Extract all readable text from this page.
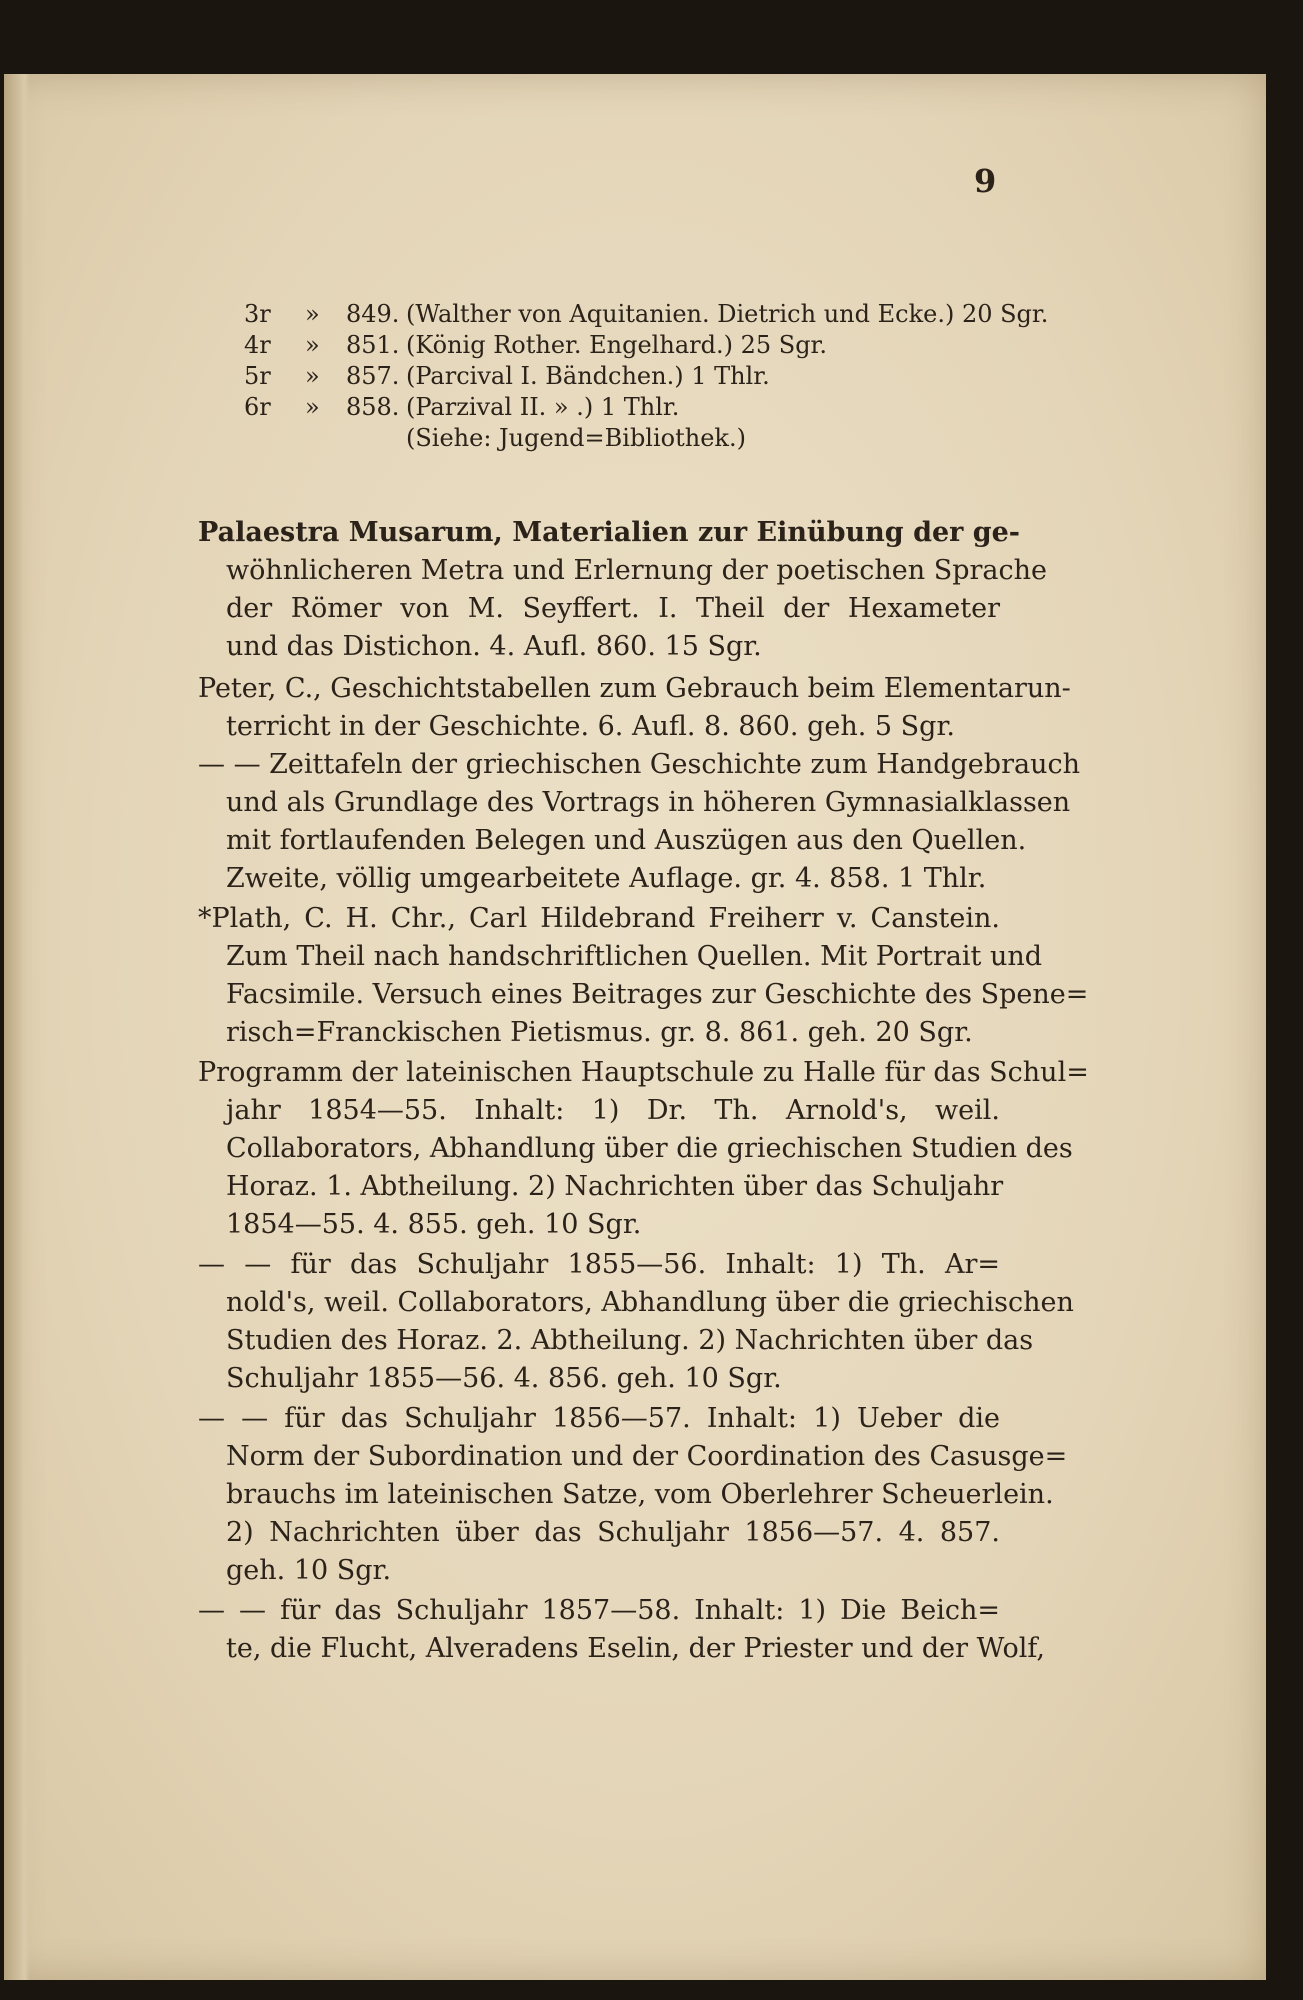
9
3r » 849. (Walther von Aquitanien. Dietrich und Ecke.) 20 Sgr.
4r » 851. (König Rother. Engelhard.) 25 Sgr.
5r » 857. (Parcival I. Bändchen.) 1 Thlr.
6r » 858. (Parzival II. » .) 1 Thlr.
(Siehe: Jugend=Bibliothek.)
Palaestra Musarum, Materialien zur Einübung der ge-
wöhnlicheren Metra und Erlernung der poetischen Sprache
der Römer von M. Seyffert. I. Theil der Hexameter
und das Distichon. 4. Aufl. 860. 15 Sgr.
Peter, C., Geschichtstabellen zum Gebrauch beim Elementarun-
terricht in der Geschichte. 6. Aufl. 8. 860. geh. 5 Sgr.
— — Zeittafeln der griechischen Geschichte zum Handgebrauch
und als Grundlage des Vortrags in höheren Gymnasialklassen
mit fortlaufenden Belegen und Auszügen aus den Quellen.
Zweite, völlig umgearbeitete Auflage. gr. 4. 858. 1 Thlr.
*Plath, C. H. Chr., Carl Hildebrand Freiherr v. Canstein.
Zum Theil nach handschriftlichen Quellen. Mit Portrait und
Facsimile. Versuch eines Beitrages zur Geschichte des Spene=
risch=Franckischen Pietismus. gr. 8. 861. geh. 20 Sgr.
Programm der lateinischen Hauptschule zu Halle für das Schul=
jahr 1854—55. Inhalt: 1) Dr. Th. Arnold's, weil.
Collaborators, Abhandlung über die griechischen Studien des
Horaz. 1. Abtheilung. 2) Nachrichten über das Schuljahr
1854—55. 4. 855. geh. 10 Sgr.
— — für das Schuljahr 1855—56. Inhalt: 1) Th. Ar=
nold's, weil. Collaborators, Abhandlung über die griechischen
Studien des Horaz. 2. Abtheilung. 2) Nachrichten über das
Schuljahr 1855—56. 4. 856. geh. 10 Sgr.
— — für das Schuljahr 1856—57. Inhalt: 1) Ueber die
Norm der Subordination und der Coordination des Casusge=
brauchs im lateinischen Satze, vom Oberlehrer Scheuerlein.
2) Nachrichten über das Schuljahr 1856—57. 4. 857.
geh. 10 Sgr.
— — für das Schuljahr 1857—58. Inhalt: 1) Die Beich=
te, die Flucht, Alveradens Eselin, der Priester und der Wolf,
